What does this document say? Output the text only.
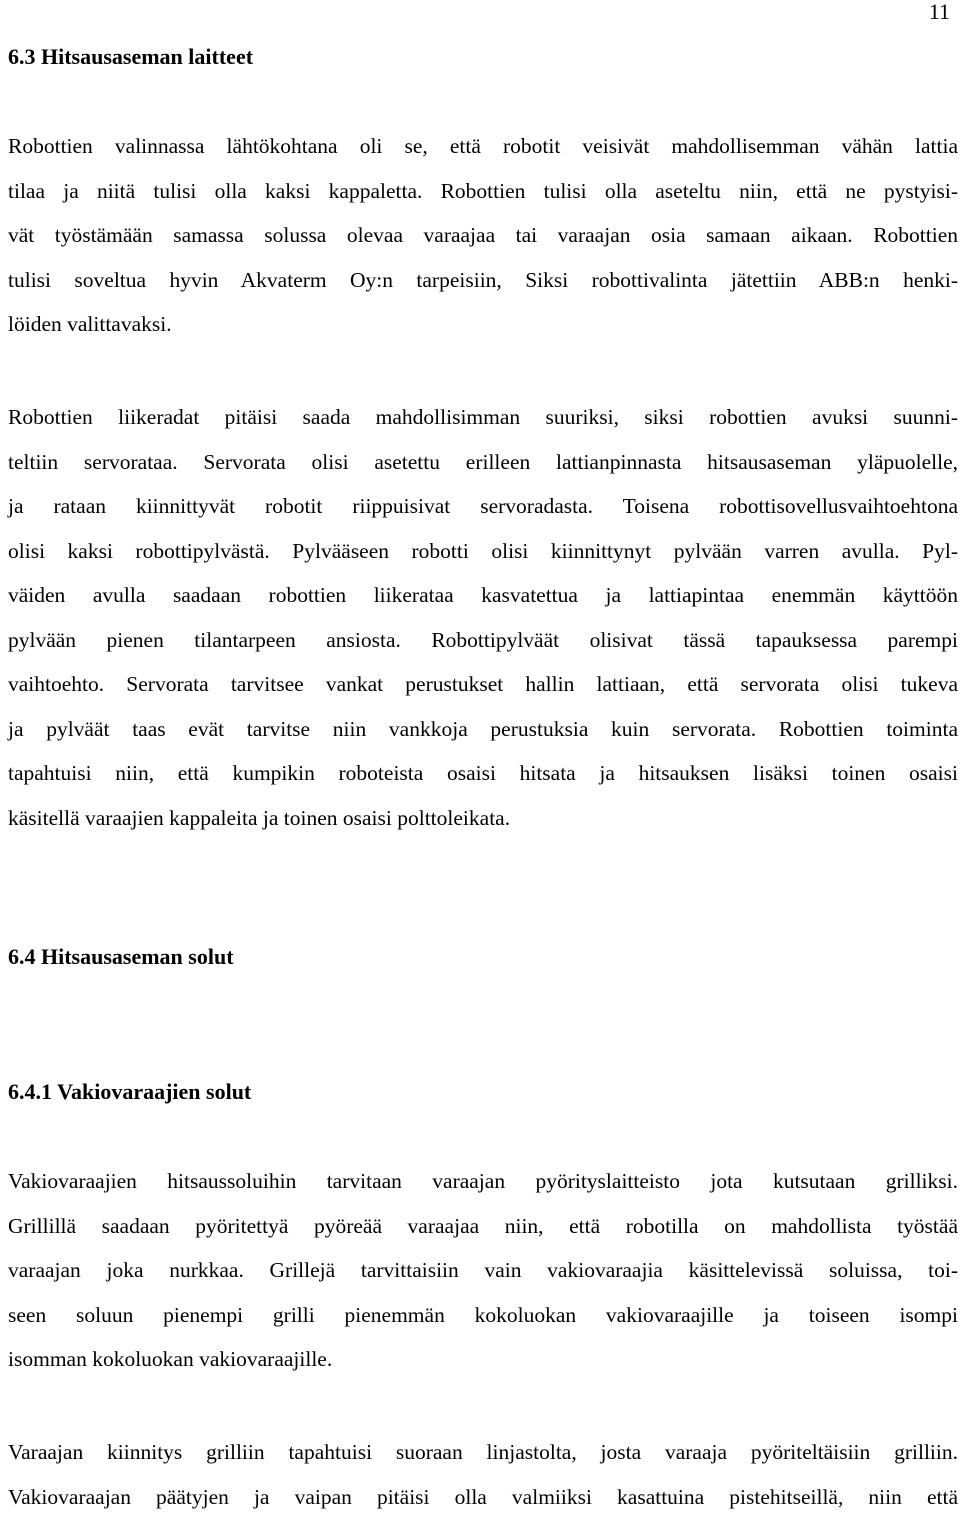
11
6.3 Hitsausaseman laitteet
Robottien valinnassa lähtökohtana oli se, että robotit veisivät mahdollisemman vähän lattia
tilaa ja niitä tulisi olla kaksi kappaletta. Robottien tulisi olla aseteltu niin, että ne pystyisi-
vät työstämään samassa solussa olevaa varaajaa tai varaajan osia samaan aikaan. Robottien
tulisi soveltua hyvin Akvaterm Oy:n tarpeisiin, Siksi robottivalinta jätettiin ABB:n henki-
löiden valittavaksi.
Robottien liikeradat pitäisi saada mahdollisimman suuriksi, siksi robottien avuksi suunni-
teltiin servoratаa. Servorata olisi asetettu erilleen lattianpinnasta hitsausaseman yläpuolelle,
ja rataan kiinnittyvät robotit riippuisivat servoradasta. Toisena robottisovellusvaihtoehtona
olisi kaksi robottipylvästä. Pylvääseen robotti olisi kiinnittynyt pylvään varren avulla. Pyl-
väiden avulla saadaan robottien liikeratаa kasvatettua ja lattiapintaa enemmän käyttöön
pylvään pienen tilantarpeen ansiosta. Robottipylväät olisivat tässä tapauksessa parempi
vaihtoehto. Servorata tarvitsee vankat perustukset hallin lattiaan, että servorata olisi tukeva
ja pylväät taas evät tarvitse niin vankkoja perustuksia kuin servorata. Robottien toiminta
tapahtuisi niin, että kumpikin roboteista osaisi hitsata ja hitsauksen lisäksi toinen osaisi
käsitellä varaajien kappaleita ja toinen osaisi polttoleikata.
6.4 Hitsausaseman solut
6.4.1 Vakiovaraajien solut
Vakiovaraajien hitsaussoluihin tarvitaan varaajan pyörityslaitteisto jota kutsutaan grilliksi.
Grillillä saadaan pyöritettyä pyöreää varaajaa niin, että robotilla on mahdollista työstää
varaajan joka nurkkaa. Grillejä tarvittaisiin vain vakiovaraajia käsittelevissä soluissa, toi-
seen soluun pienempi grilli pienemmän kokoluokan vakiovaraajille ja toiseen isompi
isomman kokoluokan vakiovaraajille.
Varaajan kiinnitys grilliin tapahtuisi suoraan linjastolta, josta varaaja pyöriteltäisiin grilliin.
Vakiovaraajan päätyjen ja vaipan pitäisi olla valmiiksi kasattuina pistehitseillä, niin että
